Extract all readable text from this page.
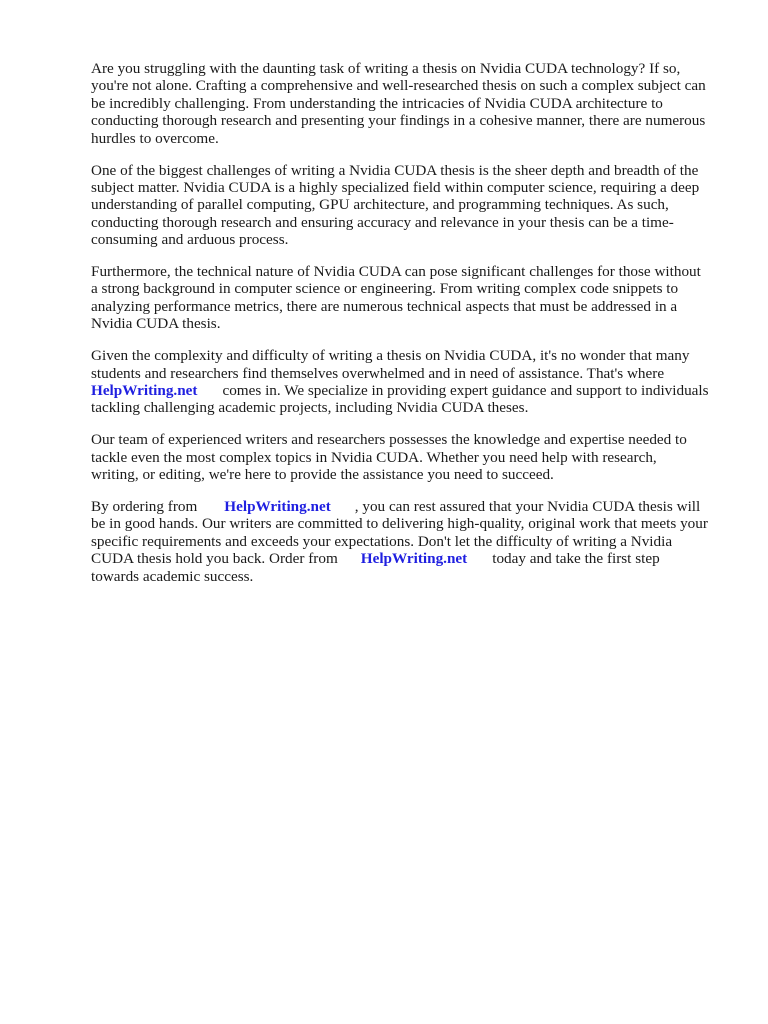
Are you struggling with the daunting task of writing a thesis on Nvidia CUDA technology? If so,
you're not alone. Crafting a comprehensive and well-researched thesis on such a complex subject can
be incredibly challenging. From understanding the intricacies of Nvidia CUDA architecture to
conducting thorough research and presenting your findings in a cohesive manner, there are numerous
hurdles to overcome.

One of the biggest challenges of writing a Nvidia CUDA thesis is the sheer depth and breadth of the
subject matter. Nvidia CUDA is a highly specialized field within computer science, requiring a deep
understanding of parallel computing, GPU architecture, and programming techniques. As such,
conducting thorough research and ensuring accuracy and relevance in your thesis can be a time-
consuming and arduous process.

Furthermore, the technical nature of Nvidia CUDA can pose significant challenges for those without
a strong background in computer science or engineering. From writing complex code snippets to
analyzing performance metrics, there are numerous technical aspects that must be addressed in a
Nvidia CUDA thesis.

Given the complexity and difficulty of writing a thesis on Nvidia CUDA, it's no wonder that many
students and researchers find themselves overwhelmed and in need of assistance. That's where
HelpWriting.net comes in. We specialize in providing expert guidance and support to individuals
tackling challenging academic projects, including Nvidia CUDA theses.

Our team of experienced writers and researchers possesses the knowledge and expertise needed to
tackle even the most complex topics in Nvidia CUDA. Whether you need help with research,
writing, or editing, we're here to provide the assistance you need to succeed.

By ordering from HelpWriting.net , you can rest assured that your Nvidia CUDA thesis will
be in good hands. Our writers are committed to delivering high-quality, original work that meets your
specific requirements and exceeds your expectations. Don't let the difficulty of writing a Nvidia
CUDA thesis hold you back. Order from HelpWriting.net today and take the first step
towards academic success.
